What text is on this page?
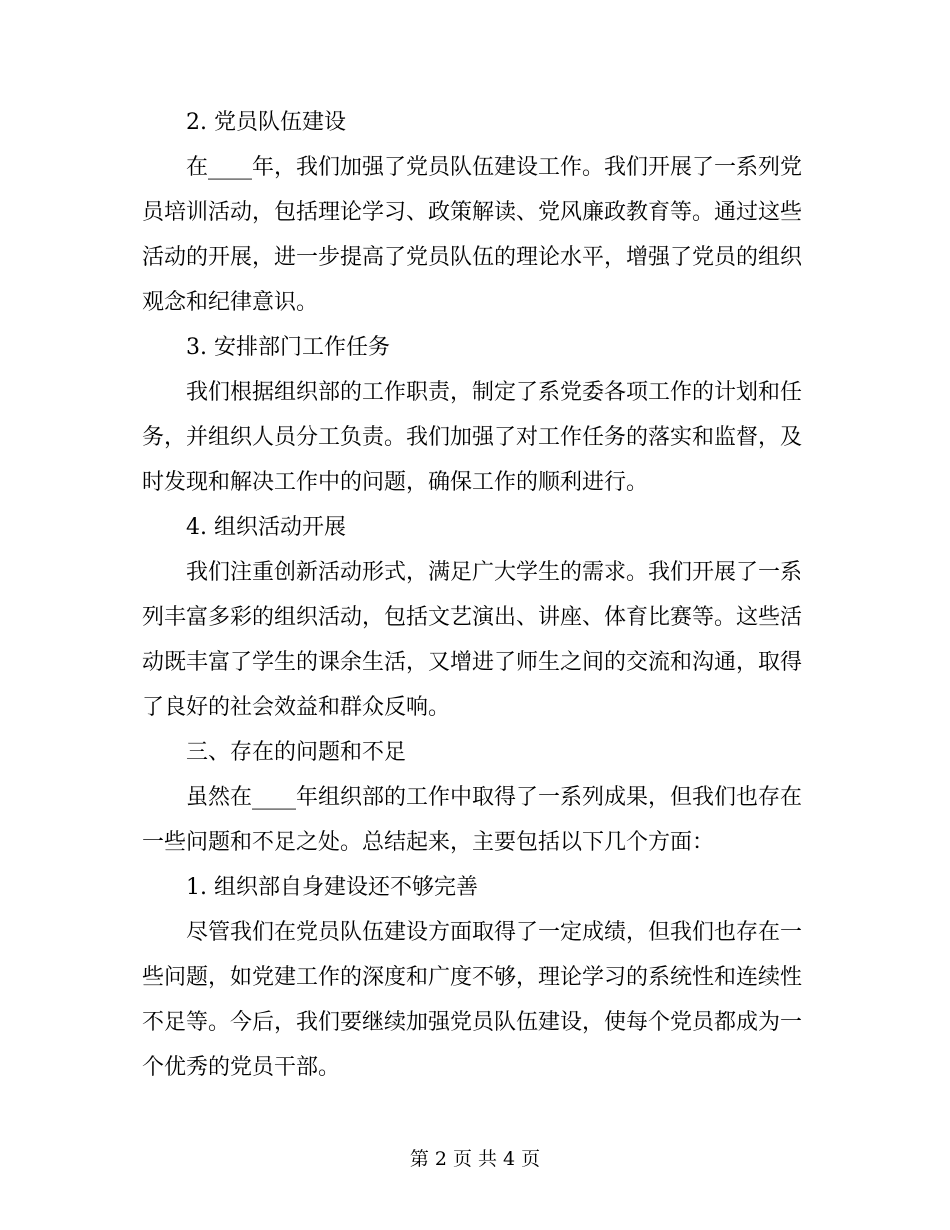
2. 党员队伍建设

在____年，我们加强了党员队伍建设工作。我们开展了一系列党员培训活动，包括理论学习、政策解读、党风廉政教育等。通过这些活动的开展，进一步提高了党员队伍的理论水平，增强了党员的组织观念和纪律意识。

3. 安排部门工作任务

我们根据组织部的工作职责，制定了系党委各项工作的计划和任务，并组织人员分工负责。我们加强了对工作任务的落实和监督，及时发现和解决工作中的问题，确保工作的顺利进行。

4. 组织活动开展

我们注重创新活动形式，满足广大学生的需求。我们开展了一系列丰富多彩的组织活动，包括文艺演出、讲座、体育比赛等。这些活动既丰富了学生的课余生活，又增进了师生之间的交流和沟通，取得了良好的社会效益和群众反响。

三、存在的问题和不足

虽然在____年组织部的工作中取得了一系列成果，但我们也存在一些问题和不足之处。总结起来，主要包括以下几个方面：

1. 组织部自身建设还不够完善

尽管我们在党员队伍建设方面取得了一定成绩，但我们也存在一些问题，如党建工作的深度和广度不够，理论学习的系统性和连续性不足等。今后，我们要继续加强党员队伍建设，使每个党员都成为一个优秀的党员干部。

第 2 页 共 4 页
